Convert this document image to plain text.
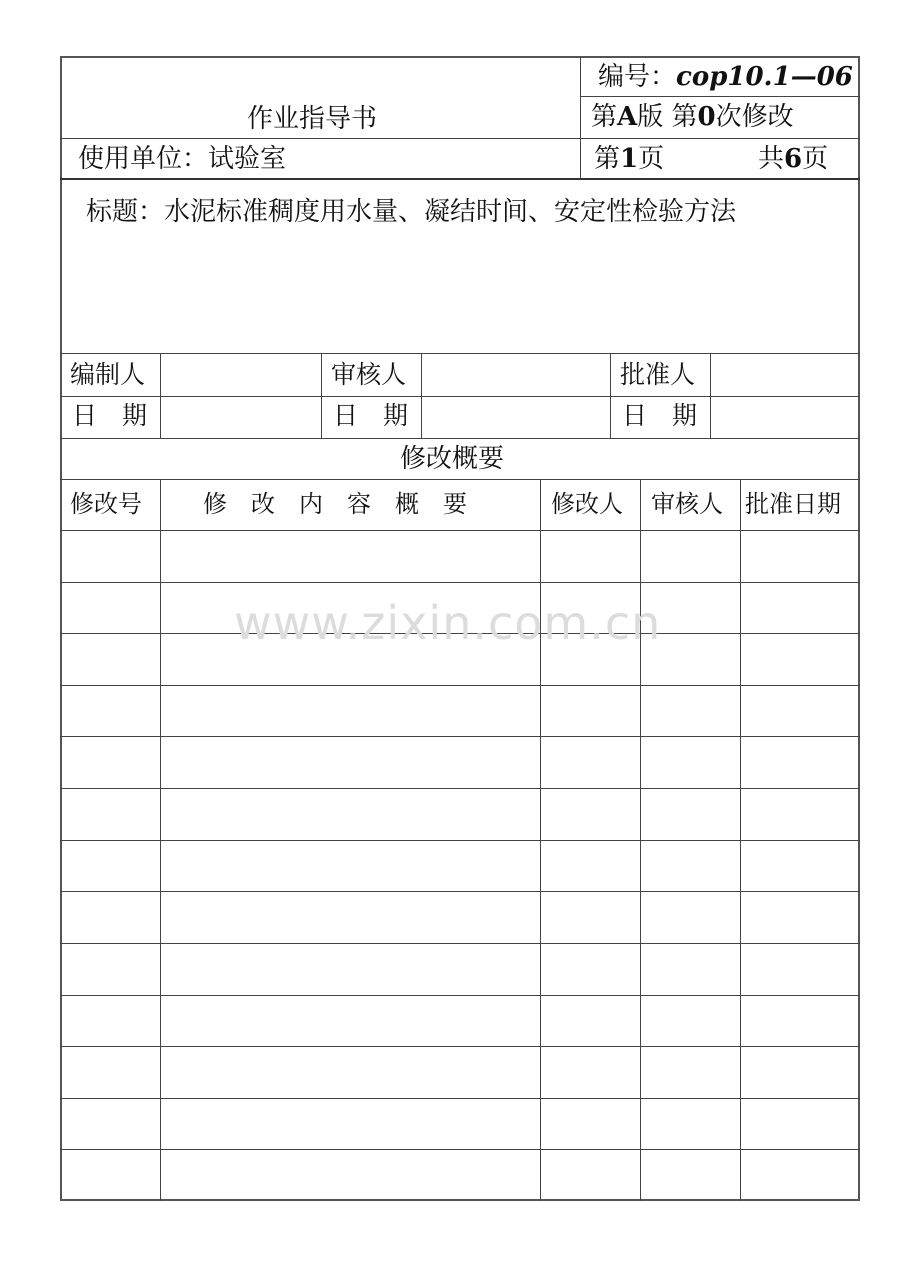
编号：cop10.1—06
作业指导书	第A版 第0次修改
使用单位：试验室	第1页	共6页
标题：水泥标准稠度用水量、凝结时间、安定性检验方法
编制人	审核人	批准人
日　期	日　期	日　期
修改概要
修改号	修　改　内　容　概　要	修改人 审核人 批准日期
www.zixin.com.cn
